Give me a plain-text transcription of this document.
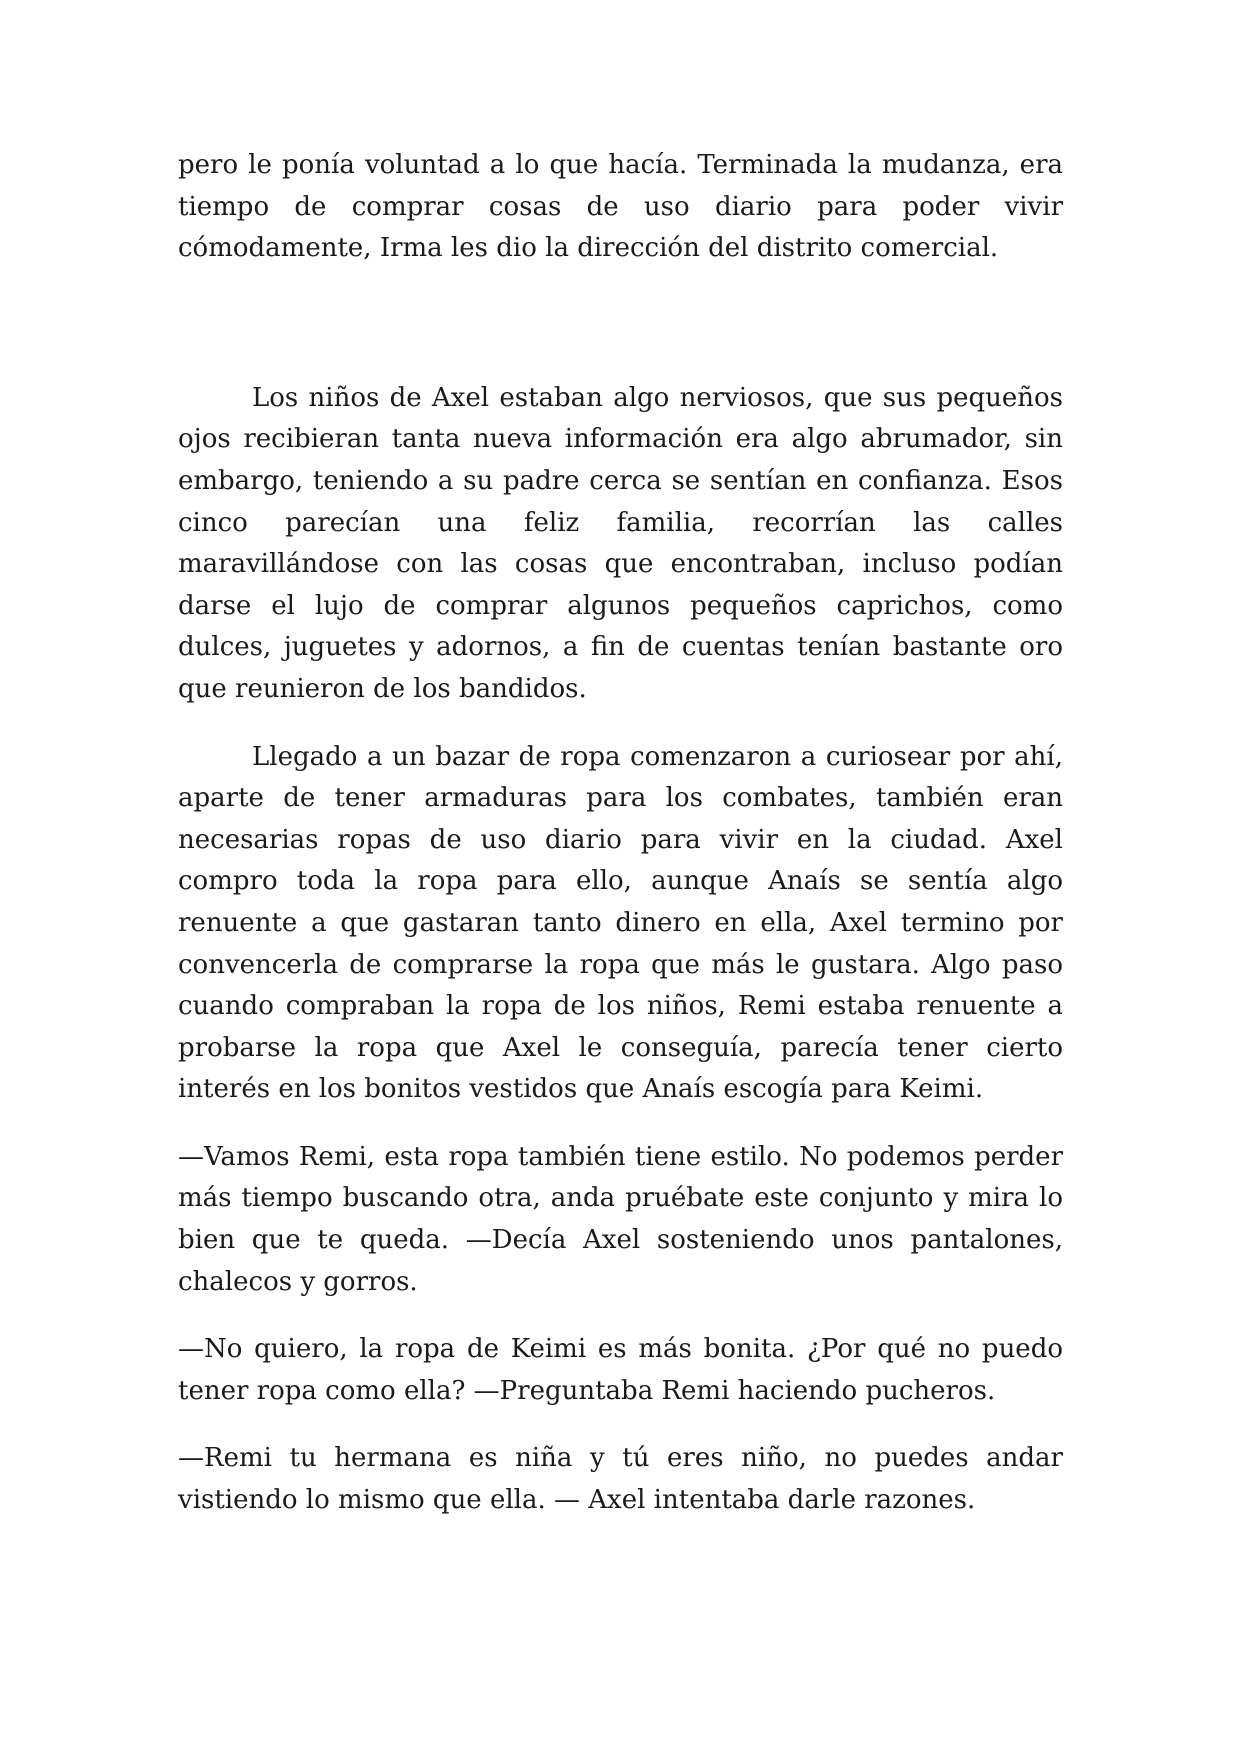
pero le ponía voluntad a lo que hacía. Terminada la mudanza, era tiempo de comprar cosas de uso diario para poder vivir cómodamente, Irma les dio la dirección del distrito comercial.

Los niños de Axel estaban algo nerviosos, que sus pequeños ojos recibieran tanta nueva información era algo abrumador, sin embargo, teniendo a su padre cerca se sentían en confianza. Esos cinco parecían una feliz familia, recorrían las calles maravillándose con las cosas que encontraban, incluso podían darse el lujo de comprar algunos pequeños caprichos, como dulces, juguetes y adornos, a fin de cuentas tenían bastante oro que reunieron de los bandidos.

Llegado a un bazar de ropa comenzaron a curiosear por ahí, aparte de tener armaduras para los combates, también eran necesarias ropas de uso diario para vivir en la ciudad. Axel compro toda la ropa para ello, aunque Anaís se sentía algo renuente a que gastaran tanto dinero en ella, Axel termino por convencerla de comprarse la ropa que más le gustara. Algo paso cuando compraban la ropa de los niños, Remi estaba renuente a probarse la ropa que Axel le conseguía, parecía tener cierto interés en los bonitos vestidos que Anaís escogía para Keimi.

—Vamos Remi, esta ropa también tiene estilo. No podemos perder más tiempo buscando otra, anda pruébate este conjunto y mira lo bien que te queda. —Decía Axel sosteniendo unos pantalones, chalecos y gorros.

—No quiero, la ropa de Keimi es más bonita. ¿Por qué no puedo tener ropa como ella? —Preguntaba Remi haciendo pucheros.

—Remi tu hermana es niña y tú eres niño, no puedes andar vistiendo lo mismo que ella. — Axel intentaba darle razones.
